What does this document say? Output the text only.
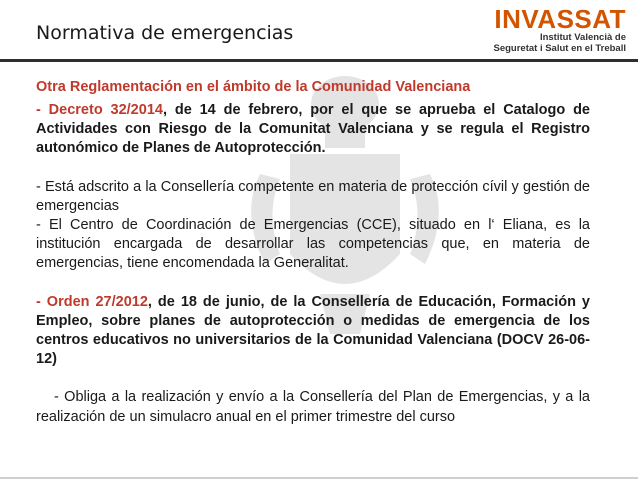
Normativa de emergencias	INVASSAT
Institut Valencià de
Seguretat i Salut en el Treball
Otra Reglamentación en el ámbito de la Comunidad Valenciana

- Decreto 32/2014, de 14 de febrero, por el que se aprueba el Catalogo de Actividades con Riesgo de la Comunitat Valenciana y se regula el Registro autonómico de Planes de Autoprotección.

- Está adscrito a la Consellería competente en materia de protección cívil y gestión de emergencias

- El Centro de Coordinación de Emergencias (CCE), situado en l‘ Eliana, es la institución encargada de desarrollar las competencias que, en materia de emergencias, tiene encomendada la Generalitat.

- Orden 27/2012, de 18 de junio, de la Consellería de Educación, Formación y Empleo, sobre planes de autoprotección o medidas de emergencia de los centros educativos no universitarios de la Comunidad Valenciana (DOCV 26-06-12)

- Obliga a la realización y envío a la Consellería del Plan de Emergencias, y a la realización de un simulacro anual en el primer trimestre del curso
